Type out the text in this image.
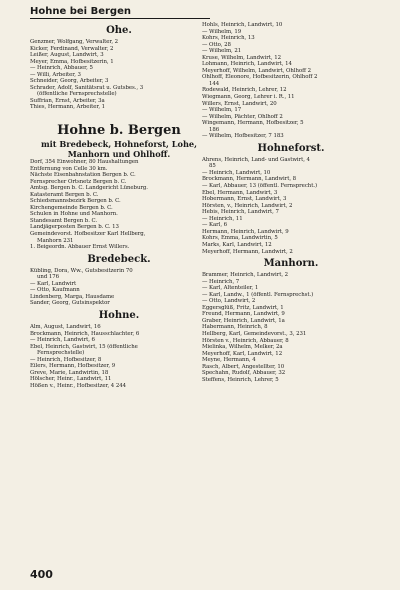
Hohne bei Bergen
Ohe.
Genzmer, Wolfgang, Verwalter, 2
Kicker, Ferdinand, Verwalter, 2
Leißer, August, Landwirt, 3
Meyer, Emma, Hofbesitzerin, 1
— Heinrich, Abbauer, 5
— Willi, Arbeiter, 3
Schneider, Georg, Arbeiter, 3
Schrader, Adolf, Sanitätsrat u. Gutsbes., 3
(öffentliche Fernsprechstelle)
Suffrian, Ernst, Arbeiter, 3a
Thies, Hermann, Arbeiter, 1
Hohne b. Bergen
mit Bredebeck, Hohneforst, Lohe,
Manhorn und Ohlhoff.
Dorf, 354 Einwohner, 80 Haushaltungen
Entfernung von Celle 30 km.
Nächste Eisenbahnstation Bergen b. C.
Fernsprecher Ortsnetz Bergen b. C.
Amtsg. Bergen b. C. Landgericht Lüneburg.
Katasteramt Bergen b. C.
Schiedsmannsbezirk Bergen b. C.
Kirchengemeinde Bergen b. C.
Schulen in Hohne und Manhorn.
Standesamt Bergen b. C.
Landjägerposten Bergen b. C. 13
Gemeindevorst. Hofbesitzer Karl Hellberg,
Manhorn 231
1. Beigeordn. Abbauer Ernst Willers.
Bredebeck.
Kübling, Dora, Ww., Gutsbesitzerin 70
und 176
— Karl, Landwirt
— Otto, Kaufmann
Lindenberg, Marga, Hausdame
Sander, Georg, Gutsinspektor
Hohne.
Alm, August, Landwirt, 16
Brockmann, Heinrich, Hausschlachter, 6
— Heinrich, Landwirt, 6
Ebel, Heinrich, Gastwirt, 15 (öffentliche
Fernsprechstelle)
— Heinrich, Hofbesitzer, 8
Eilers, Hermann, Hofbesitzer, 9
Greve, Marie, Landwirtin, 18
Hölscher, Heinr., Landwirt, 11
Hößen v., Heinr., Hofbesitzer, 4 244
Hohls, Heinrich, Landwirt, 10
— Wilhelm, 19
Kohrs, Heinrich, 13
— Otto, 28
— Wilhelm, 21
Kruse, Wilhelm, Landwirt, 12
Lohmann, Heinrich, Landwirt, 14
Meyerhoff, Wilhelm, Landwirt, Ohlhoff 2
Ohlhoff, Eleonore, Hofbesitzerin, Ohlhoff 2
144
Rodewald, Heinrich, Lehrer, 12
Wiegmann, Georg, Lehrer i. R., 11
Willers, Ernst, Landwirt, 20
— Wilhelm, 17
— Wilhelm, Pächter, Ohlhoff 2
Wingemann, Hermann, Hofbesitzer, 5
186
— Wilhelm, Hofbesitzer, 7 183
Hohneforst.
Ahrens, Heinrich, Land- und Gastwirt, 4
85
— Heinrich, Landwirt, 10
Brockmann, Hermann, Landwirt, 8
— Karl, Abbauer, 13 (öffentl. Fernsprecht.)
Ebel, Hermann, Landwirt, 3
Hobermann, Ernst, Landwirt, 3
Hörsten, v., Heinrich, Landwirt, 2
Hebis, Heinrich, Landwirt, 7
— Heinrich, 11
— Karl, 6
Hermann, Heinrich, Landwirt, 9
Kohrs, Emma, Landwirtin, 5
Marks, Karl, Landwirt, 12
Meyerhoff, Hermann, Landwirt, 2
Manhorn.
Brammer, Heinrich, Landwirt, 2
— Heinrich, 7
— Karl, Altenteiler, 1
— Karl, Landw., 1 (öffentl. Fernsprechst.)
— Otto, Landwirt, 2
Eggersglüß, Fritz, Landwirt, 1
Freund, Hermann, Landwirt, 9
Graber, Heinrich, Landwirt, 1a
Habermann, Heinrich, 8
Hellberg, Karl, Gemeindevorst., 3, 231
Hörsten v., Heinrich, Abbauer, 8
Mielinka, Wilhelm, Melker, 2a
Meyerhoff, Karl, Landwirt, 12
Meyne, Hermann, 4
Rasch, Albert, Angestellter, 10
Spechahn, Rudolf, Abbauer, 32
Steffens, Heinrich, Lehrer, 5
400
